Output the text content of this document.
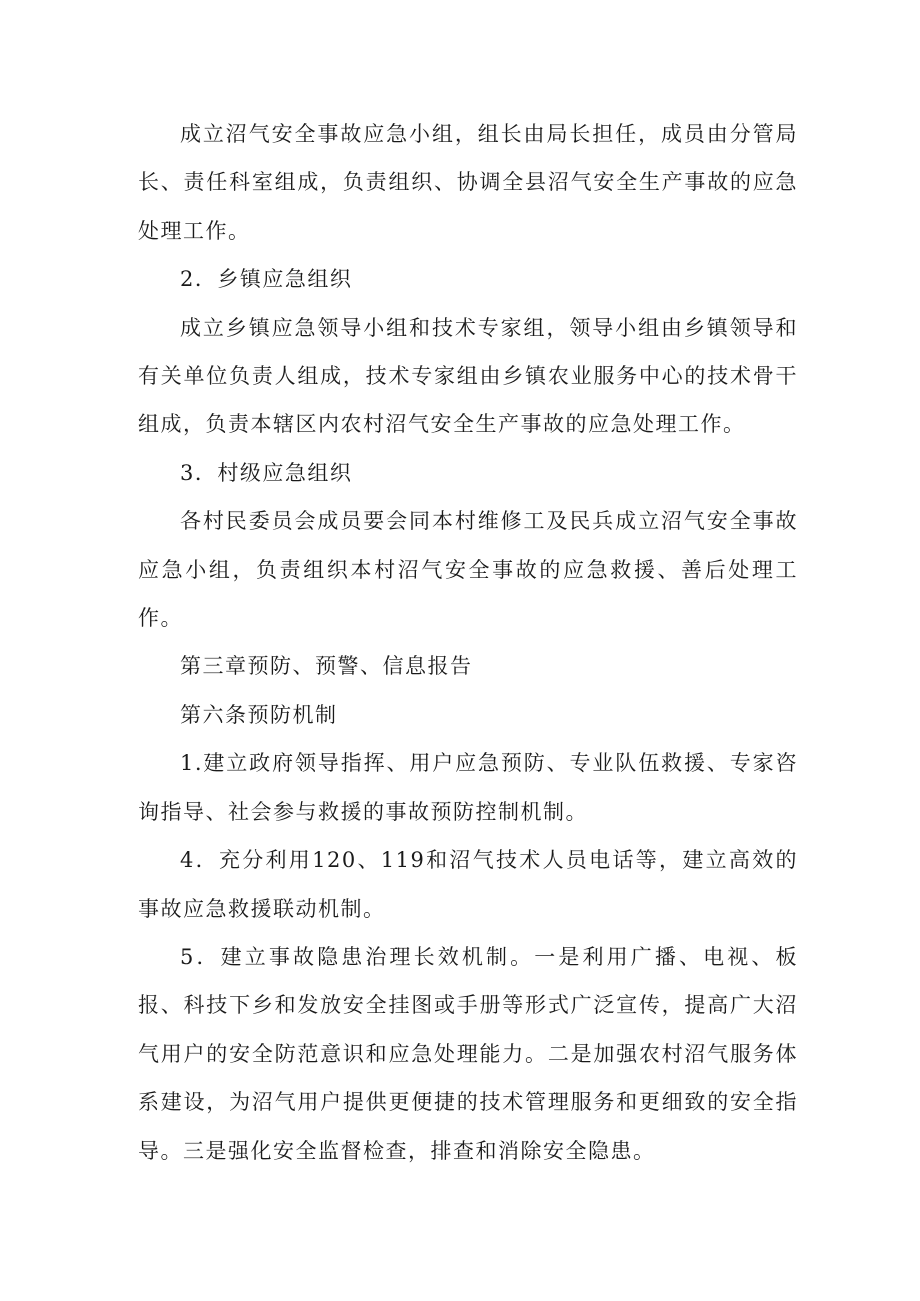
成立沼气安全事故应急小组，组长由局长担任，成员由分管局长、责任科室组成，负责组织、协调全县沼气安全生产事故的应急处理工作。

2．乡镇应急组织

成立乡镇应急领导小组和技术专家组，领导小组由乡镇领导和有关单位负责人组成，技术专家组由乡镇农业服务中心的技术骨干组成，负责本辖区内农村沼气安全生产事故的应急处理工作。

3．村级应急组织

各村民委员会成员要会同本村维修工及民兵成立沼气安全事故应急小组，负责组织本村沼气安全事故的应急救援、善后处理工作。

第三章预防、预警、信息报告

第六条预防机制

1.建立政府领导指挥、用户应急预防、专业队伍救援、专家咨询指导、社会参与救援的事故预防控制机制。

4．充分利用120、119和沼气技术人员电话等，建立高效的事故应急救援联动机制。

5．建立事故隐患治理长效机制。一是利用广播、电视、板报、科技下乡和发放安全挂图或手册等形式广泛宣传，提高广大沼气用户的安全防范意识和应急处理能力。二是加强农村沼气服务体系建设，为沼气用户提供更便捷的技术管理服务和更细致的安全指导。三是强化安全监督检查，排查和消除安全隐患。
